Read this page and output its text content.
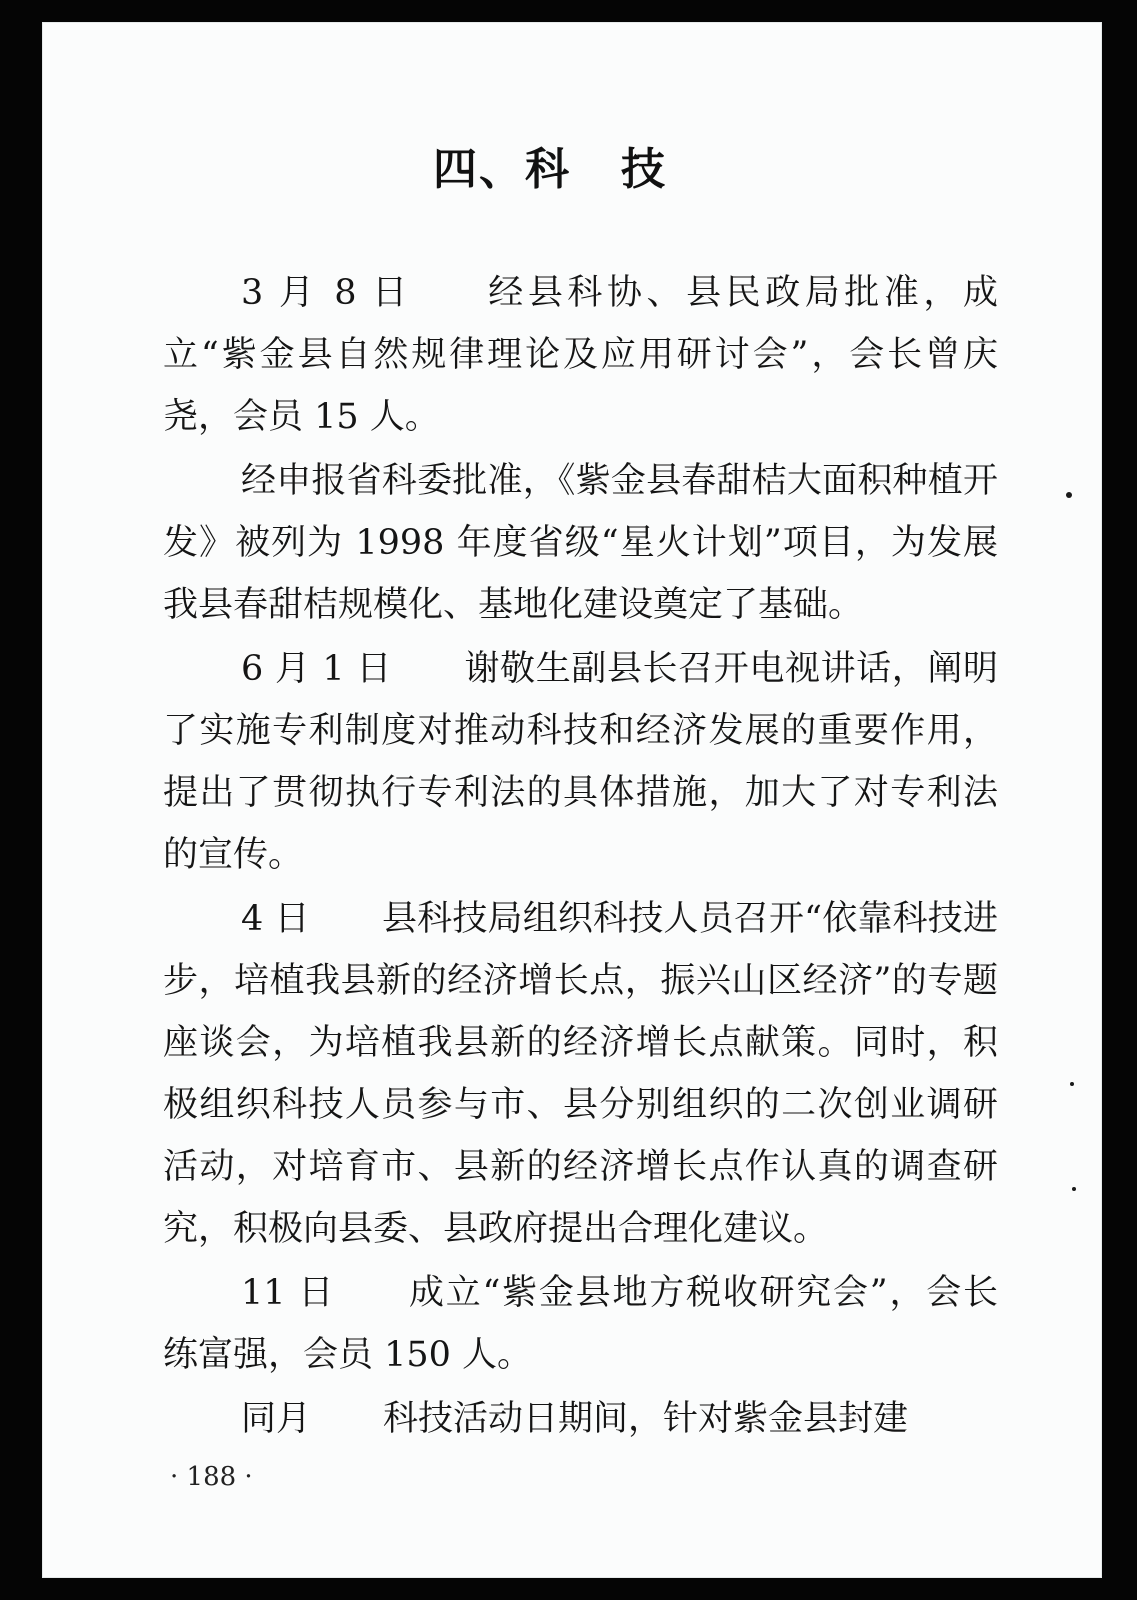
四、科 技

3 月 8 日 经县科协、县民政局批准，成立“紫金县自然规律理论及应用研讨会”，会长曾庆尧，会员 15 人。

经申报省科委批准，《紫金县春甜桔大面积种植开发》被列为 1998 年度省级“星火计划”项目，为发展我县春甜桔规模化、基地化建设奠定了基础。

6 月 1 日 谢敬生副县长召开电视讲话，阐明了实施专利制度对推动科技和经济发展的重要作用，提出了贯彻执行专利法的具体措施，加大了对专利法的宣传。

4 日 县科技局组织科技人员召开“依靠科技进步，培植我县新的经济增长点，振兴山区经济”的专题座谈会，为培植我县新的经济增长点献策。同时，积极组织科技人员参与市、县分别组织的二次创业调研活动，对培育市、县新的经济增长点作认真的调查研究，积极向县委、县政府提出合理化建议。

11 日 成立“紫金县地方税收研究会”，会长练富强，会员 150 人。

同月 科技活动日期间，针对紫金县封建

· 188 ·
